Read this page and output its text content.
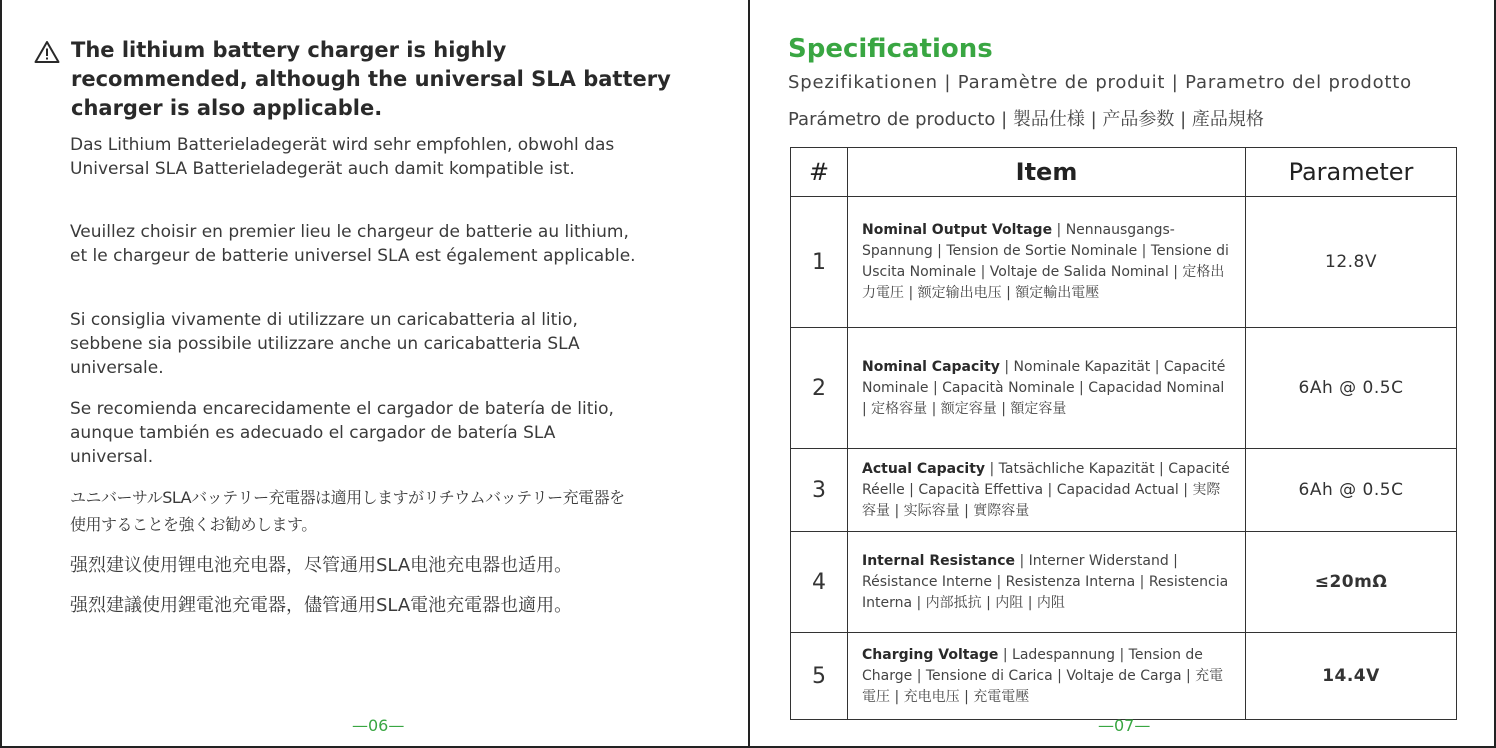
The lithium battery charger is highly recommended, although the universal SLA battery charger is also applicable.
Das Lithium Batterieladegerät wird sehr empfohlen, obwohl das Universal SLA Batterieladegerät auch damit kompatible ist.
Veuillez choisir en premier lieu le chargeur de batterie au lithium, et le chargeur de batterie universel SLA est également applicable.
Si consiglia vivamente di utilizzare un caricabatteria al litio, sebbene sia possibile utilizzare anche un caricabatteria SLA universale.
Se recomienda encarecidamente el cargador de batería de litio, aunque también es adecuado el cargador de batería SLA universal.
ユニバーサルSLAバッテリー充電器は適用しますがリチウムバッテリー充電器を使用することを強くお勧めします。
强烈建议使用锂电池充电器，尽管通用SLA电池充电器也适用。
强烈建議使用鋰電池充電器，儘管通用SLA電池充電器也適用。
—06—
Specifications
Spezifikationen | Paramètre de produit | Parametro del prodotto
Parámetro de producto | 製品仕様 | 产品参数 | 產品規格
#	Item	Parameter
1	Nominal Output Voltage | Nennausgangs-Spannung | Tension de Sortie Nominale | Tensione di Uscita Nominale | Voltaje de Salida Nominal | 定格出力電圧 | 额定输出电压 | 額定輸出電壓	12.8V
2	Nominal Capacity | Nominale Kapazität | Capacité Nominale | Capacità Nominale | Capacidad Nominal | 定格容量 | 额定容量 | 額定容量	6Ah @ 0.5C
3	Actual Capacity | Tatsächliche Kapazität | Capacité Réelle | Capacità Effettiva | Capacidad Actual | 実際容量 | 实际容量 | 實際容量	6Ah @ 0.5C
4	Internal Resistance | Interner Widerstand | Résistance Interne | Resistenza Interna | Resistencia Interna | 内部抵抗 | 内阻 | 内阻	≤20mΩ
5	Charging Voltage | Ladespannung | Tension de Charge | Tensione di Carica | Voltaje de Carga | 充電電圧 | 充电电压 | 充電電壓	14.4V
—07—
